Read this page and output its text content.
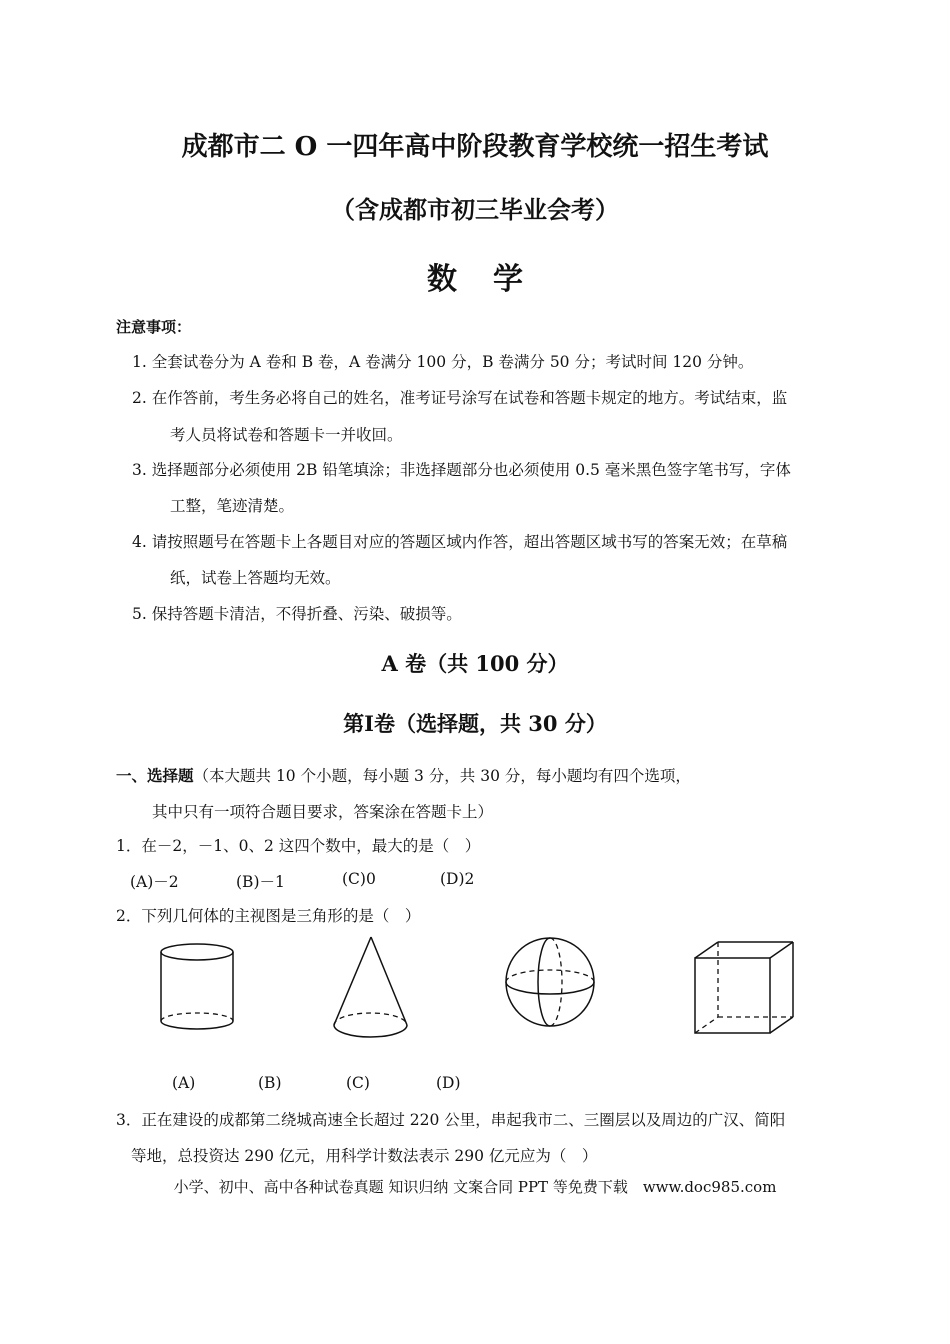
成都市二 O 一四年高中阶段教育学校统一招生考试
（含成都市初三毕业会考）
数学
注意事项：
1. 全套试卷分为 A 卷和 B 卷，A 卷满分 100 分，B 卷满分 50 分；考试时间 120 分钟。
2. 在作答前，考生务必将自己的姓名，准考证号涂写在试卷和答题卡规定的地方。考试结束，监
考人员将试卷和答题卡一并收回。
3. 选择题部分必须使用 2B 铅笔填涂；非选择题部分也必须使用 0.5 毫米黑色签字笔书写，字体
工整，笔迹清楚。
4. 请按照题号在答题卡上各题目对应的答题区域内作答，超出答题区域书写的答案无效；在草稿
纸，试卷上答题均无效。
5. 保持答题卡清洁，不得折叠、污染、破损等。
A 卷（共 100 分）
第Ⅰ卷（选择题，共 30 分）
一、选择题（本大题共 10 个小题，每小题 3 分，共 30 分，每小题均有四个选项，
其中只有一项符合题目要求，答案涂在答题卡上）
1．在－2，－1、0、2 这四个数中，最大的是（　）
(A)－2	(B)－1	(C)0	(D)2
2．下列几何体的主视图是三角形的是（　）
(A)	(B)	(C)	(D)
3．正在建设的成都第二绕城高速全长超过 220 公里，串起我市二、三圈层以及周边的广汉、简阳
等地，总投资达 290 亿元，用科学计数法表示 290 亿元应为（　）
小学、初中、高中各种试卷真题 知识归纳 文案合同 PPT 等免费下载　www.doc985.com
